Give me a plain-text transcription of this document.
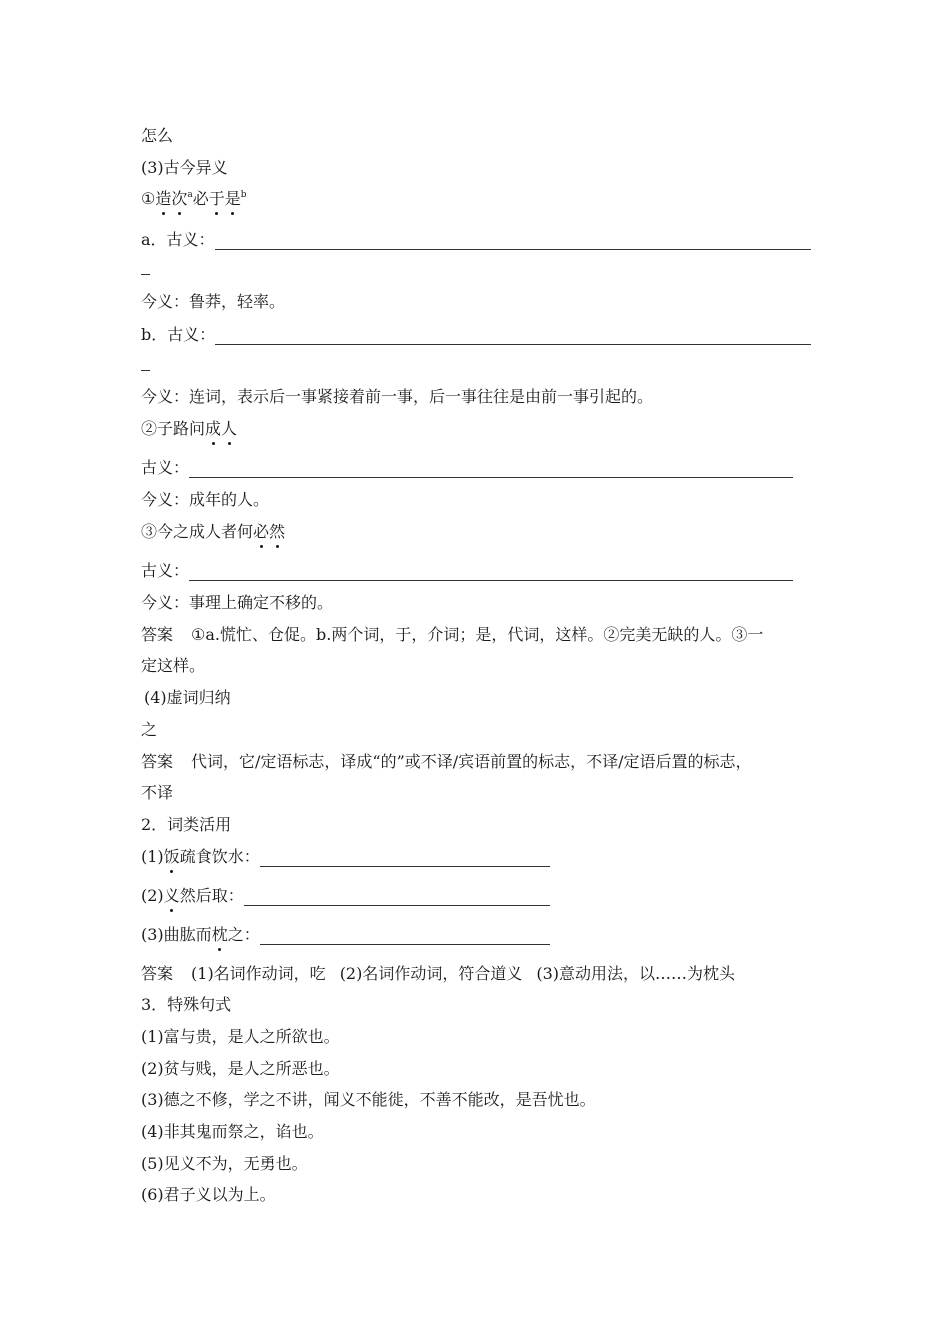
怎么
(3)古今异义
①造次$^a$必于是$^b$
a．古义：
今义：鲁莽，轻率。
b．古义：
今义：连词，表示后一事紧接着前一事，后一事往往是由前一事引起的。
②子路问成人
古义：
今义：成年的人。
③今之成人者何必然
古义：
今义：事理上确定不移的。
答案 ①a.慌忙、仓促。b.两个词，于，介词；是，代词，这样。②完美无缺的人。③一
定这样。
(4)虚词归纳
之
答案 代词，它/定语标志，译成“的”或不译/宾语前置的标志，不译/定语后置的标志，
不译
2．词类活用
(1)饭疏食饮水：
(2)义然后取：
(3)曲肱而枕之：
答案 (1)名词作动词，吃 (2)名词作动词，符合道义 (3)意动用法，以……为枕头
3．特殊句式
(1)富与贵，是人之所欲也。
(2)贫与贱，是人之所恶也。
(3)德之不修，学之不讲，闻义不能徙，不善不能改，是吾忧也。
(4)非其鬼而祭之，谄也。
(5)见义不为，无勇也。
(6)君子义以为上。
